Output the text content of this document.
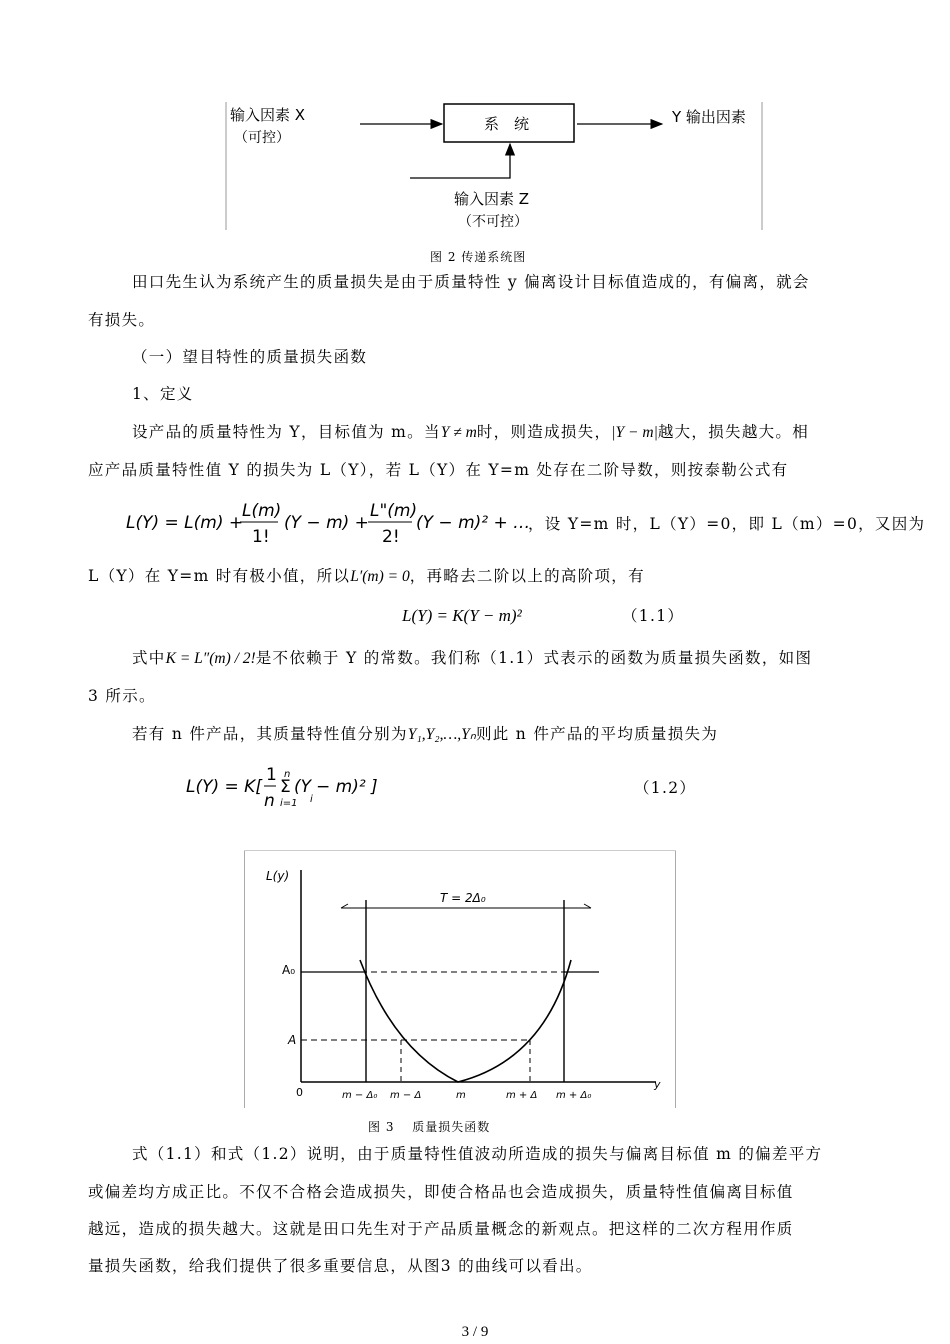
输入因素 X
（可控）
系　统	Y 输出因素
输入因素 Z
（不可控）
图 2 传递系统图
田口先生认为系统产生的质量损失是由于质量特性 y 偏离设计目标值造成的，有偏离，就会
有损失。
（一）望目特性的质量损失函数
1、定义
设产品的质量特性为 Y，目标值为 m。当Y ≠ m时，则造成损失，|Y − m|越大，损失越大。相
应产品质量特性值 Y 的损失为 L（Y），若 L（Y）在 Y=m 处存在二阶导数，则按泰勒公式有
L(Y) = L(m) +
L(m)
1!
(Y − m) +
L"(m)
2!
(Y − m)² + …
，设 Y=m 时，L（Y）=0，即 L（m）=0，又因为
L（Y）在 Y=m 时有极小值，所以L′(m) = 0，再略去二阶以上的高阶项，有
L(Y) = K(Y − m)²	（1.1）
式中K = L″(m) / 2!是不依赖于 Y 的常数。我们称（1.1）式表示的函数为质量损失函数，如图
3 所示。
若有 n 件产品，其质量特性值分别为Y₁,Y₂,…,Yₙ则此 n 件产品的平均质量损失为
L(Y) = K[
1
n
Σ
i=1
n
(Y
i
− m)² ]	（1.2）
L(y)
y
T = 2Δ₀
A₀
A
0	m − Δ₀ m − Δ	m	m + Δ m + Δ₀
图 3　 质量损失函数
式（1.1）和式（1.2）说明，由于质量特性值波动所造成的损失与偏离目标值 m 的偏差平方
或偏差均方成正比。不仅不合格会造成损失，即使合格品也会造成损失，质量特性值偏离目标值
越远，造成的损失越大。这就是田口先生对于产品质量概念的新观点。把这样的二次方程用作质
量损失函数，给我们提供了很多重要信息，从图3 的曲线可以看出。
3 / 9
